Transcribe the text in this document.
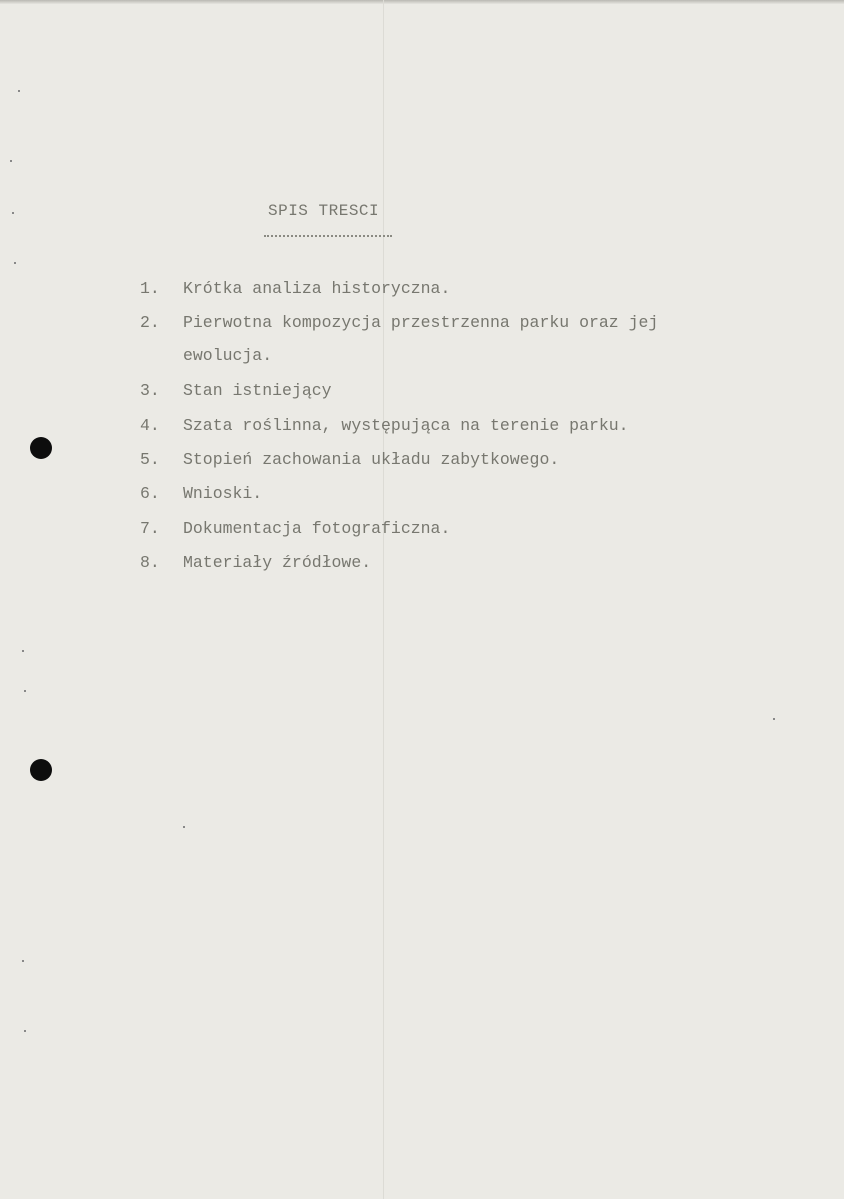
SPIS TRESCI
1. Krótka analiza historyczna.
2. Pierwotna kompozycja przestrzenna parku oraz jej
ewolucja.
3. Stan istniejący
4. Szata roślinna, występująca na terenie parku.
5. Stopień zachowania układu zabytkowego.
6. Wnioski.
7. Dokumentacja fotograficzna.
8. Materiały źródłowe.
